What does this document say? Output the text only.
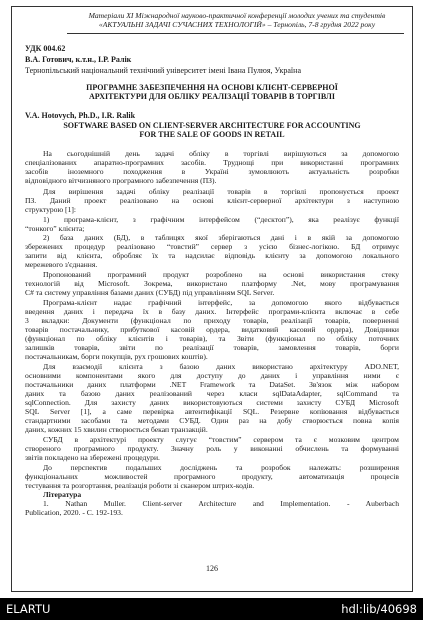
Матеріали XI Міжнародної науково-практичної конференції молодих учених та студентів
«АКТУАЛЬНІ ЗАДАЧІ СУЧАСНИХ ТЕХНОЛОГІЙ» – Тернопіль, 7-8 грудня 2022 року
УДК 004.62
В.А. Готович, к.т.н., І.Р. Ралік
Тернопільський національний технічний університет імені Івана Пулюя, Україна
ПРОГРАМНЕ ЗАБЕЗПЕЧЕННЯ НА ОСНОВІ КЛІЄНТ-СЕРВЕРНОЇ
АРХІТЕКТУРИ ДЛЯ ОБЛІКУ РЕАЛІЗАЦІЇ ТОВАРІВ В ТОРГІВЛІ
V.A. Hotovych, Ph.D., I.R. Ralik
SOFTWARE BASED ON CLIENT-SERVER ARCHITECTURE FOR ACCOUNTING
FOR THE SALE OF GOODS IN RETAIL
На сьогоднішній день задачі обліку в торгівлі вирішуються за допомогою
спеціалізованих апаратно-програмних засобів. Труднощі при використанні програмних
засобів іноземного походження в Україні зумовлюють актуальність розробки
відповідного вітчизняного програмного забезпечення (ПЗ).
Для вирішення задачі обліку реалізації товарів в торгівлі пропонується проект
ПЗ. Даний проект реалізовано на основі клієнт-серверної архітектури з наступною
структурою [1]:
1) програма-клієнт, з графічним інтерфейсом (“десктоп”), яка реалізує функції
“тонкого” клієнта;
2) база даних (БД), в таблицях якої зберігаються дані і в якій за допомогою
збережених процедур реалізовано “товстий” сервер з усією бізнес-логікою. БД отримує
запити від клієнта, обробляє їх та надсилає відповідь клієнту за допомогою локального
мережевого з'єднання.
Пропонований програмний продукт розроблено на основі використання стеку
технологій від Microsoft. Зокрема, використано платформу .Net, мову програмування
C# та систему управління базами даних (СУБД) під управлінням SQL Server.
Програма-клієнт надає графічний інтерфейс, за допомогою якого відбувається
введення даних і передача їх в базу даних. Інтерфейс програми-клієнта включає в себе
3 вкладки: Документи (функціонал по приходу товарів, реалізації товарів, поверненні
товарів постачальнику, прибуткової касовій ордера, видатковий касовий ордера), Довідники
(функціонал по обліку клієнтів і товарів), та Звіти (функціонал по обліку поточних
залишків товарів, звіти по реалізації товарів, замовлення товарів, борги
постачальникам, борги покупців, рух грошових коштів).
Для взаємодії клієнта з базою даних використано архітектуру ADO.NET,
основними компонентами якого для доступу до даних і управління ними є
постачальники даних платформи .NET Framework та DataSet. Зв'язок між набором
даних та базою даних реалізований через класи sqlDataAdapter, sqlCommand та
sqlConnection. Для захисту даних використовуються системи захисту СУБД Microsoft
SQL Server [1], а саме перевірка автентифікації SQL. Резервне копіювання відбувається
стандартними засобами та методами СУБД. Один раз на добу створюється повна копія
даних, кожних 15 хвилин створюється бекап транзакцій.
СУБД в архітектурі проекту слугує “товстим” сервером та є мозковим центром
створеного програмного продукту. Значну роль у виконанні обчислень та формуванні
звітів покладено на збережені процедури.
До перспектив подальших досліджень та розробок належать: розширення
функціональних можливостей програмного продукту, автоматизація процесів
тестування та розгортання, реалізація роботи зі сканером штрих-кодів.
Література
1. Nathan Muller. Client-server Architecture and Implementation. - Auberbach
Publication, 2020. - C. 192-193.
126
ELARTU	hdl:lib/40698
